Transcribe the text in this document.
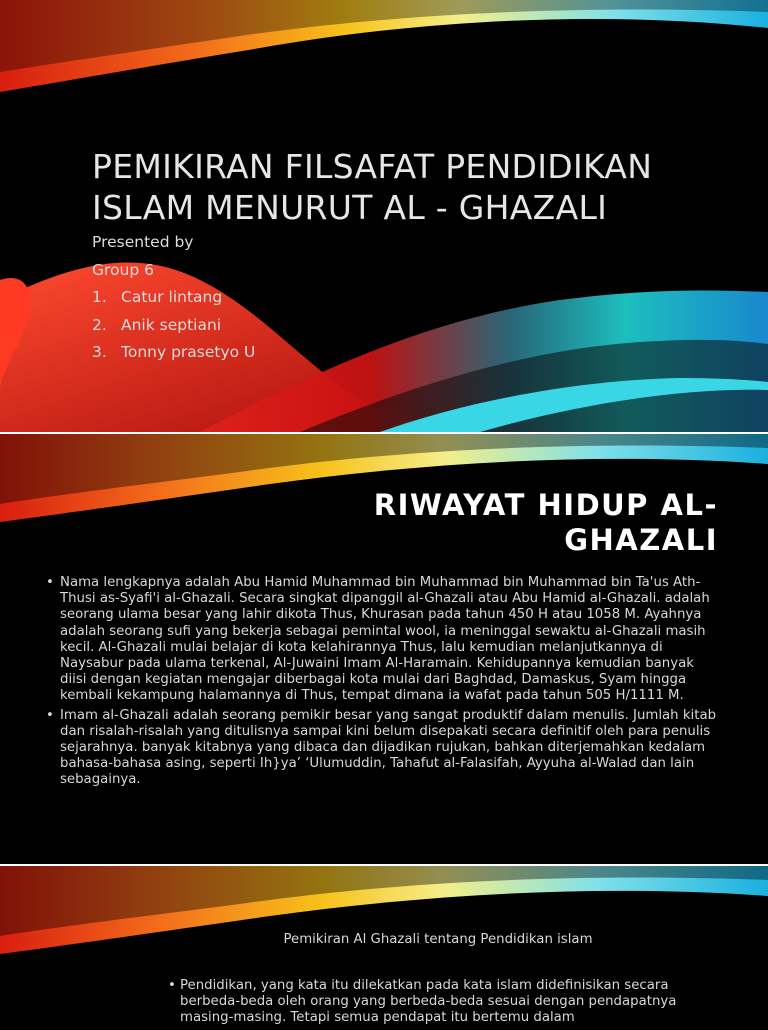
PEMIKIRAN FILSAFAT PENDIDIKAN
ISLAM MENURUT AL - GHAZALI
Presented by
Group 6
1. Catur lintang
2. Anik septiani
3. Tonny prasetyo U
RIWAYAT HIDUP AL-
GHAZALI
• Nama lengkapnya adalah Abu Hamid Muhammad bin Muhammad bin Muhammad bin Ta'us Ath-Thusi as-Syafi'i al-Ghazali. Secara singkat dipanggil al-Ghazali atau Abu Hamid al-Ghazali. adalah seorang ulama besar yang lahir dikota Thus, Khurasan pada tahun 450 H atau 1058 M. Ayahnya adalah seorang sufi yang bekerja sebagai pemintal wool, ia meninggal sewaktu al-Ghazali masih kecil. Al-Ghazali mulai belajar di kota kelahirannya Thus, lalu kemudian melanjutkannya di Naysabur pada ulama terkenal, Al-Juwaini Imam Al-Haramain. Kehidupannya kemudian banyak diisi dengan kegiatan mengajar diberbagai kota mulai dari Baghdad, Damaskus, Syam hingga kembali kekampung halamannya di Thus, tempat dimana ia wafat pada tahun 505 H/1111 M.
• Imam al-Ghazali adalah seorang pemikir besar yang sangat produktif dalam menulis. Jumlah kitab dan risalah-risalah yang ditulisnya sampai kini belum disepakati secara definitif oleh para penulis sejarahnya. banyak kitabnya yang dibaca dan dijadikan rujukan, bahkan diterjemahkan kedalam bahasa-bahasa asing, seperti Ih}ya’ ‘Ulumuddin, Tahafut al-Falasifah, Ayyuha al-Walad dan lain sebagainya.
Pemikiran Al Ghazali tentang Pendidikan islam
• Pendidikan, yang kata itu dilekatkan pada kata islam didefinisikan secara berbeda-beda oleh orang yang berbeda-beda sesuai dengan pendapatnya masing-masing. Tetapi semua pendapat itu bertemu dalam
